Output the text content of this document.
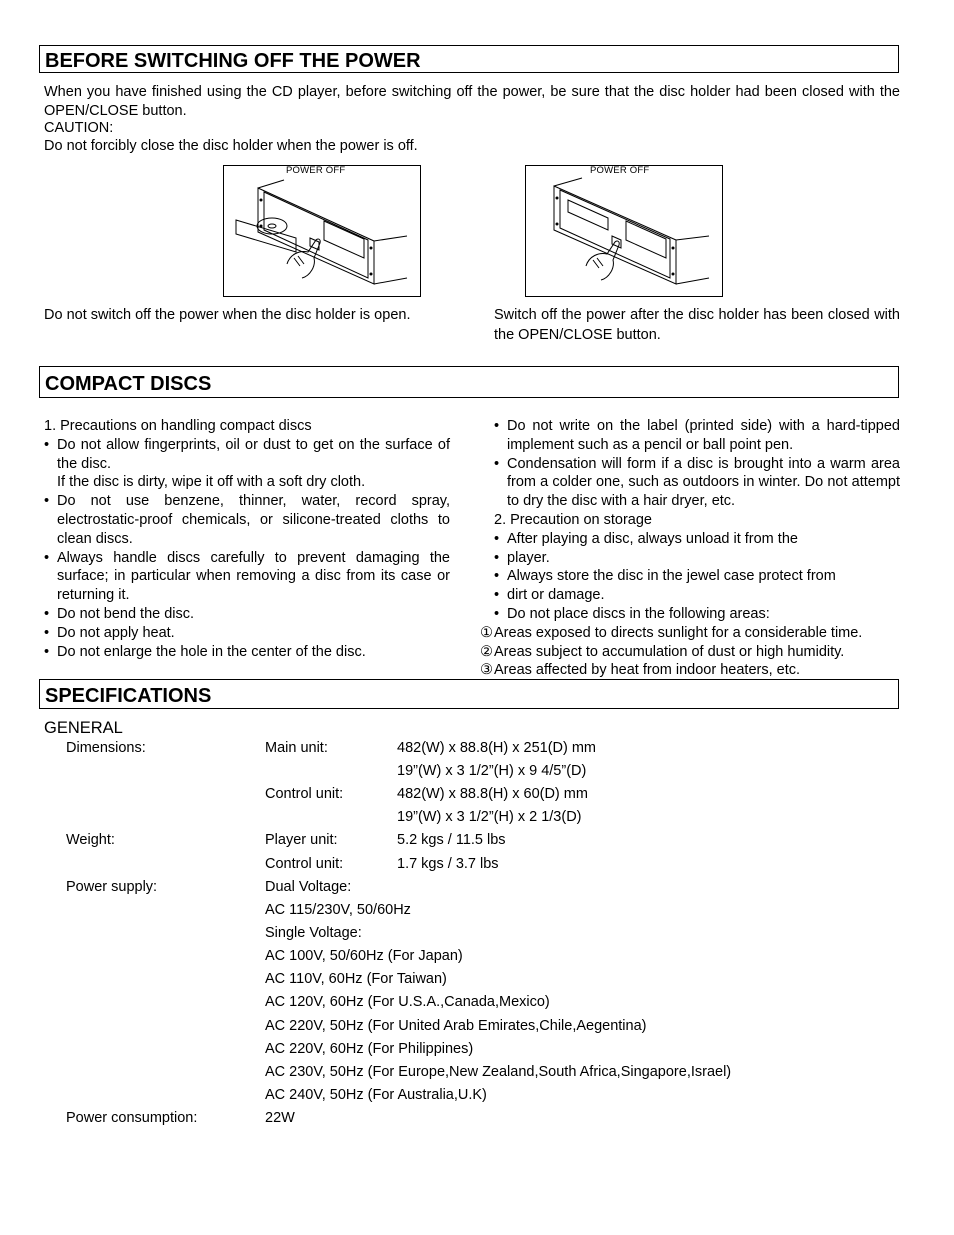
BEFORE SWITCHING OFF THE POWER
When you have finished using the CD player, before switching off the power, be sure that the disc holder had been closed with the OPEN/CLOSE button.
CAUTION:
Do not forcibly close the disc holder when the power is off.
POWER OFF	POWER OFF
Do not switch off the power when the disc holder is open.	Switch off the power after the disc holder has been closed with the OPEN/CLOSE button.
COMPACT DISCS
1. Precautions on handling compact discs
• Do not allow fingerprints, oil or dust to get on the surface of the disc.
If the disc is dirty, wipe it off with a soft dry cloth.
• Do not use benzene, thinner, water, record spray, electrostatic-proof chemicals, or silicone-treated cloths to clean discs.
• Always handle discs carefully to prevent damaging the surface; in particular when removing a disc from its case or returning it.
• Do not bend the disc.
• Do not apply heat.
• Do not enlarge the hole in the center of the disc.
• Do not write on the label (printed side) with a hard-tipped implement such as a pencil or ball point pen.
• Condensation will form if a disc is brought into a warm area from a colder one, such as outdoors in winter. Do not attempt to dry the disc with a hair dryer, etc.
2. Precaution on storage
• After playing a disc, always unload it from the
• player.
• Always store the disc in the jewel case protect from
• dirt or damage.
• Do not place discs in the following areas:
①Areas exposed to directs sunlight for a considerable time.
②Areas subject to accumulation of dust or high humidity.
③Areas affected by heat from indoor heaters, etc.
SPECIFICATIONS
GENERAL
Dimensions:	Main unit:	482(W) x 88.8(H) x 251(D) mm
19”(W) x 3 1/2”(H) x 9 4/5”(D)
Control unit:	482(W) x 88.8(H) x 60(D) mm
19”(W) x 3 1/2”(H) x 2 1/3(D)
Weight:	Player unit:	5.2 kgs / 11.5 lbs
Control unit:	1.7 kgs / 3.7 lbs
Power supply:	Dual Voltage:
AC 115/230V, 50/60Hz
Single Voltage:
AC 100V, 50/60Hz (For Japan)
AC 110V, 60Hz (For Taiwan)
AC 120V, 60Hz (For U.S.A.,Canada,Mexico)
AC 220V, 50Hz (For United Arab Emirates,Chile,Aegentina)
AC 220V, 60Hz (For Philippines)
AC 230V, 50Hz (For Europe,New Zealand,South Africa,Singapore,Israel)
AC 240V, 50Hz (For Australia,U.K)
Power consumption:	22W
